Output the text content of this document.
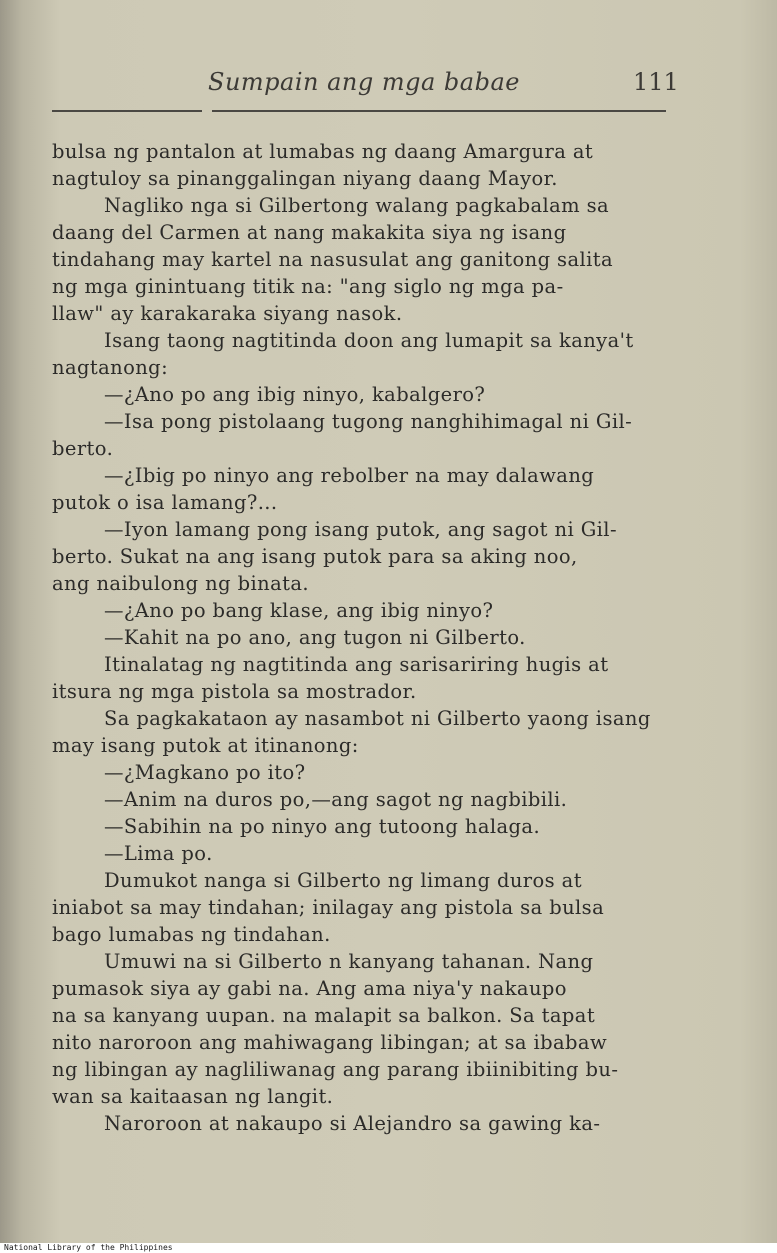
Sumpain ang mga babae	111
bulsa ng pantalon at lumabas ng daang Amargura at
nagtuloy sa pinanggalingan niyang daang Mayor.
Nagliko nga si Gilbertong walang pagkabalam sa
daang del Carmen at nang makakita siya ng isang
tindahang may kartel na nasusulat ang ganitong salita
ng mga ginintuang titik na: "ang siglo ng mga pa-
llaw" ay karakaraka siyang nasok.
Isang taong nagtitinda doon ang lumapit sa kanya't
nagtanong:
—¿Ano po ang ibig ninyo, kabalgero?
—Isa pong pistolaang tugong nanghihimagal ni Gil-
berto.
—¿Ibig po ninyo ang rebolber na may dalawang
putok o isa lamang?...
—Iyon lamang pong isang putok, ang sagot ni Gil-
berto. Sukat na ang isang putok para sa aking noo,
ang naibulong ng binata.
—¿Ano po bang klase, ang ibig ninyo?
—Kahit na po ano, ang tugon ni Gilberto.
Itinalatag ng nagtitinda ang sarisariring hugis at
itsura ng mga pistola sa mostrador.
Sa pagkakataon ay nasambot ni Gilberto yaong isang
may isang putok at itinanong:
—¿Magkano po ito?
—Anim na duros po,—ang sagot ng nagbibili.
—Sabihin na po ninyo ang tutoong halaga.
—Lima po.
Dumukot nanga si Gilberto ng limang duros at
iniabot sa may tindahan; inilagay ang pistola sa bulsa
bago lumabas ng tindahan.
Umuwi na si Gilberto n kanyang tahanan. Nang
pumasok siya ay gabi na. Ang ama niya'y nakaupo
na sa kanyang uupan. na malapit sa balkon. Sa tapat
nito naroroon ang mahiwagang libingan; at sa ibabaw
ng libingan ay nagliliwanag ang parang ibiinibiting bu-
wan sa kaitaasan ng langit.
Naroroon at nakaupo si Alejandro sa gawing ka-
National Library of the Philippines
